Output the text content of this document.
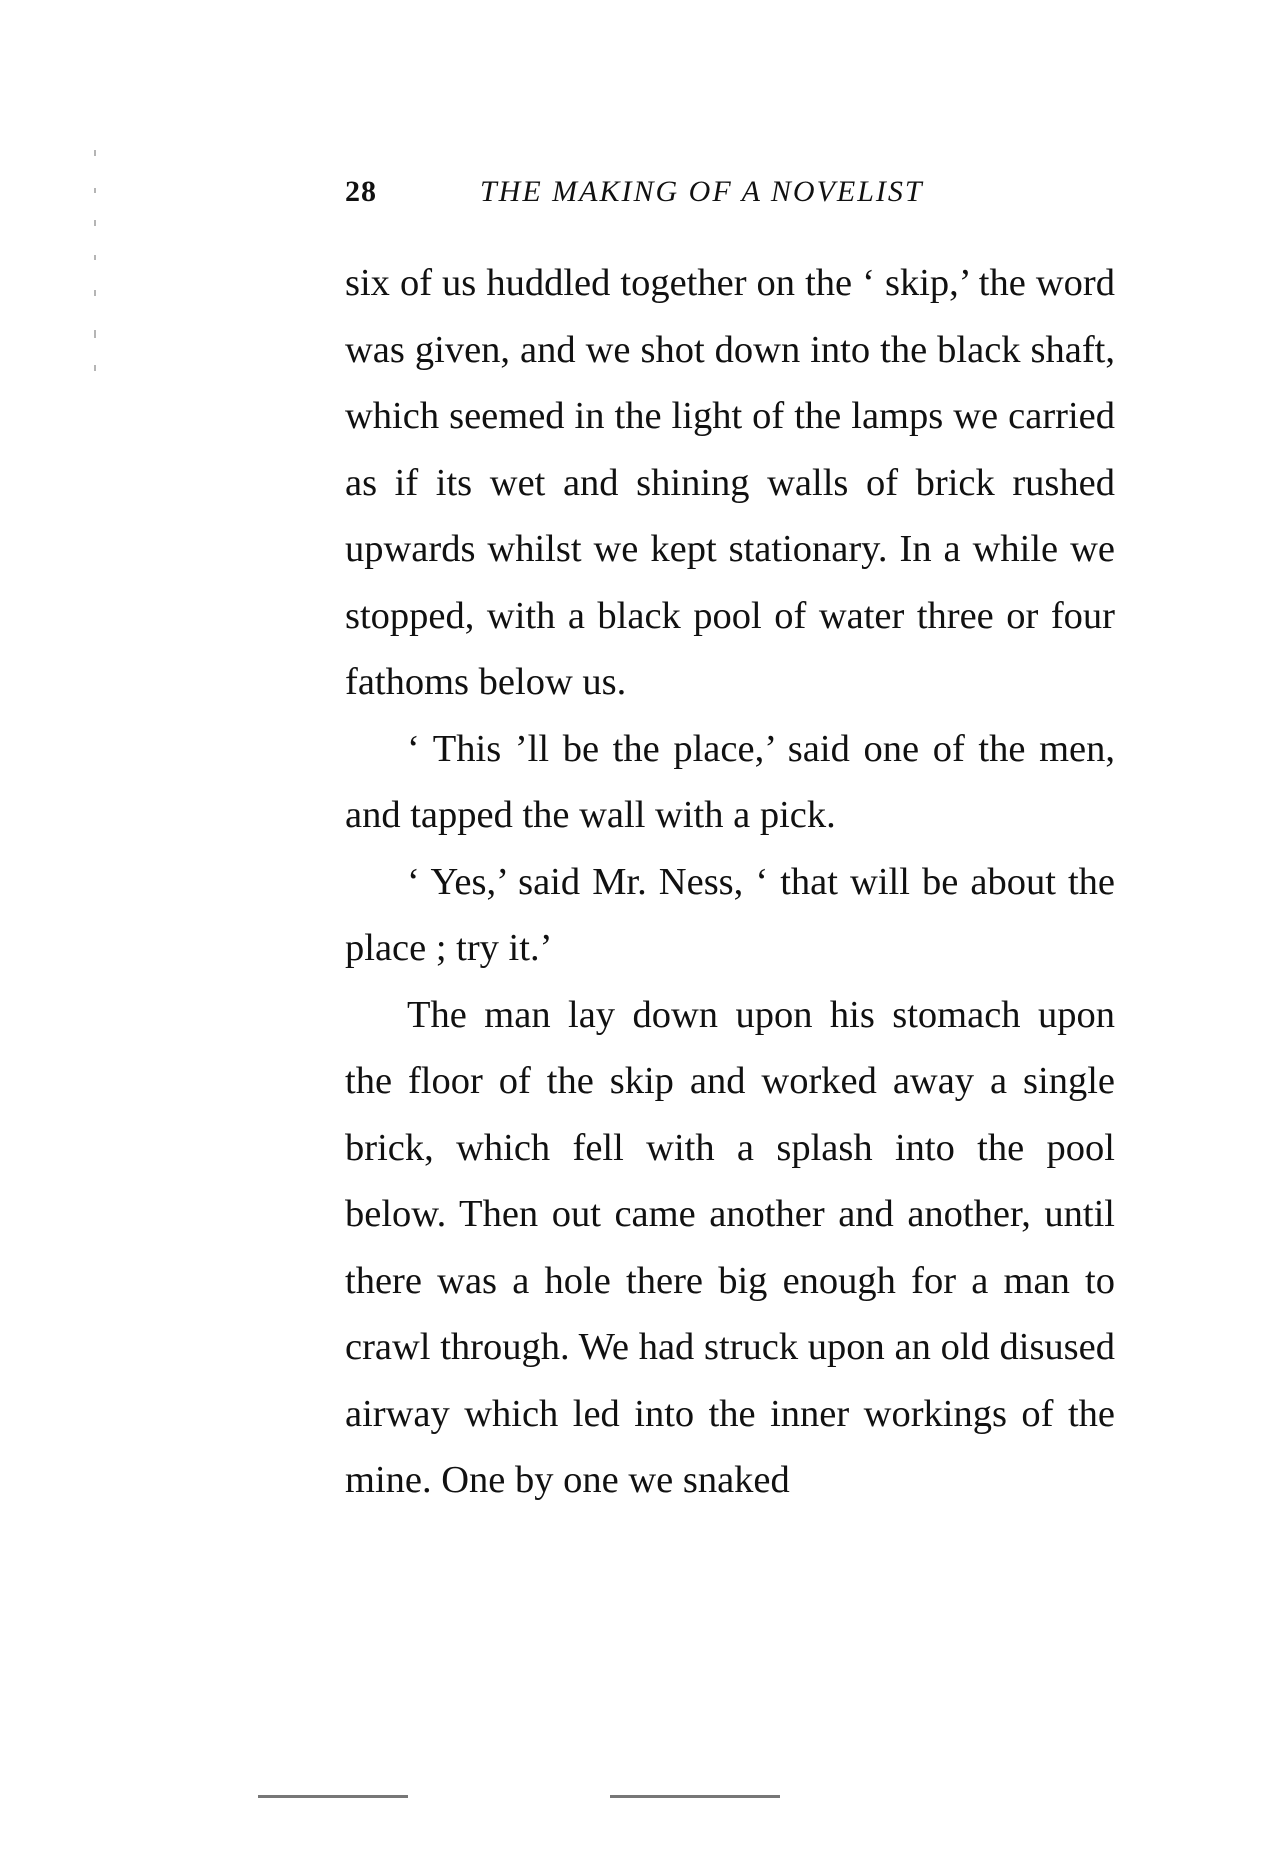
28	THE MAKING OF A NOVELIST

six of us huddled together on the ‘ skip,’ the word was given, and we shot down into the black shaft, which seemed in the light of the lamps we carried as if its wet and shining walls of brick rushed upwards whilst we kept stationary. In a while we stopped, with a black pool of water three or four fathoms below us.

‘ This ’ll be the place,’ said one of the men, and tapped the wall with a pick.

‘ Yes,’ said Mr. Ness, ‘ that will be about the place ; try it.’

The man lay down upon his stomach upon the floor of the skip and worked away a single brick, which fell with a splash into the pool below. Then out came another and another, until there was a hole there big enough for a man to crawl through. We had struck upon an old disused airway which led into the inner workings of the mine. One by one we snaked
